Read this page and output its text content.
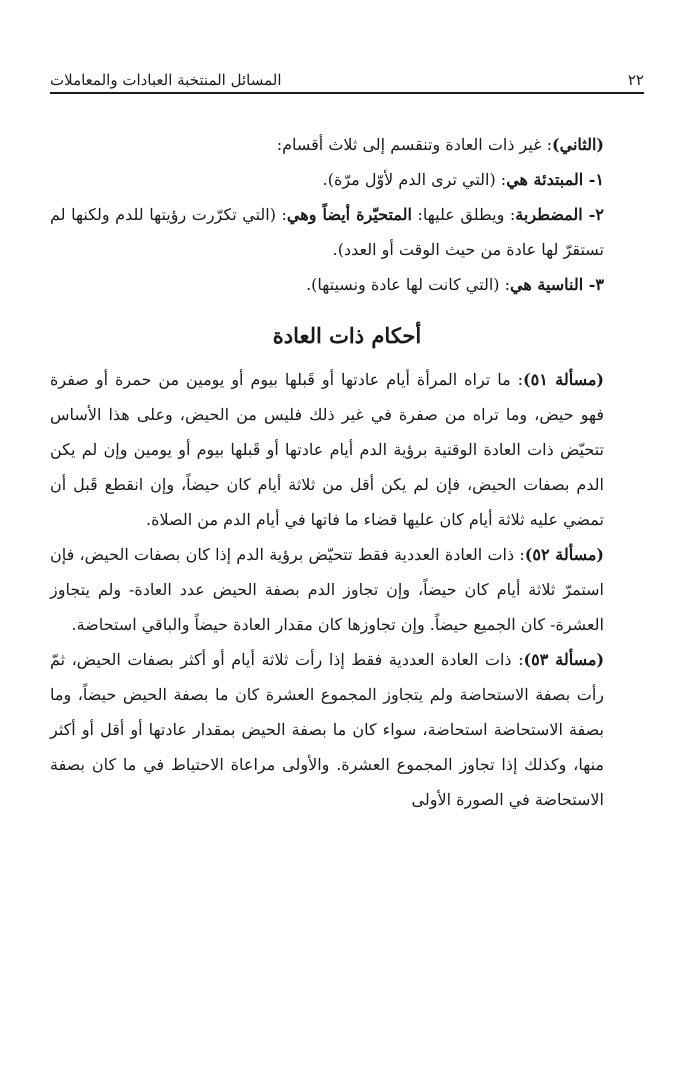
٢٢
المسائل المنتخبة العبادات والمعاملات

(الثاني): غير ذات العادة وتنقسم إلى ثلاث أقسام:

١- المبتدئة هي: (التي ترى الدم لأوّل مرّة).

٢- المضطربة: ويطلق عليها: المتحيّرة أيضاً وهي: (التي تكرّرت رؤيتها للدم ولكنها لم تستقرّ لها عادة من حيث الوقت أو العدد).

٣- الناسية هي: (التي كانت لها عادة ونسيتها).

أحكام ذات العادة

(مسألة ٥١): ما تراه المرأة أيام عادتها أو قَبلها بيوم أو يومين من حمرة أو صفرة فهو حيض، وما تراه من صفرة في غير ذلك فليس من الحيض، وعلى هذا الأساس تتحيّض ذات العادة الوقتية برؤية الدم أيام عادتها أو قَبلها بيوم أو يومين وإن لم يكن الدم بصفات الحيض، فإن لم يكن أقل من ثلاثة أيام كان حيضاً، وإن انقطع قَبل أن تمضي عليه ثلاثة أيام كان عليها قضاء ما فاتها في أيام الدم من الصلاة.

(مسألة ٥٢): ذات العادة العددية فقط تتحيّض برؤية الدم إذا كان بصفات الحيض، فإن استمرّ ثلاثة أيام كان حيضاً، وإن تجاوز الدم بصفة الحيض عدد العادة- ولم يتجاوز العشرة- كان الجميع حيضاً. وإن تجاوزها كان مقدار العادة حيضاً والباقي استحاضة.

(مسألة ٥٣): ذات العادة العددية فقط إذا رأت ثلاثة أيام أو أكثر بصفات الحيض، ثمّ رأت بصفة الاستحاضة ولم يتجاوز المجموع العشرة كان ما بصفة الحيض حيضاً، وما بصفة الاستحاضة استحاضة، سواء كان ما بصفة الحيض بمقدار عادتها أو أقل أو أكثر منها، وكذلك إذا تجاوز المجموع العشرة. والأولى مراعاة الاحتياط في ما كان بصفة الاستحاضة في الصورة الأولى
